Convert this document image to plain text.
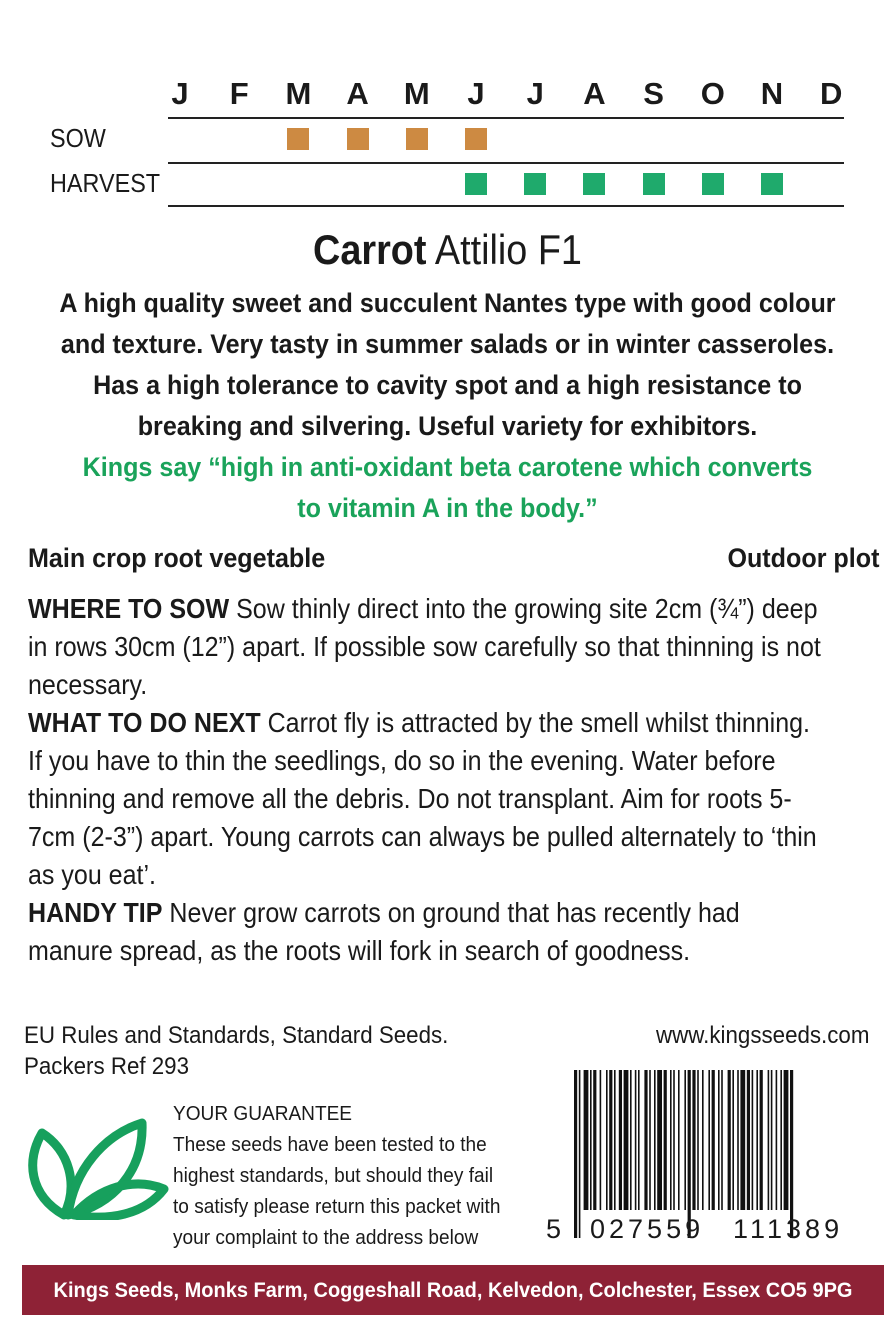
J	F	M A M	J	J	A	S	O N D
SOW
HARVEST
Carrot Attilio F1
A high quality sweet and succulent Nantes type with good colour
and texture. Very tasty in summer salads or in winter casseroles.
Has a high tolerance to cavity spot and a high resistance to
breaking and silvering. Useful variety for exhibitors.
Kings say “high in anti-oxidant beta carotene which converts
to vitamin A in the body.”
Main crop root vegetable	Outdoor plot

WHERE TO SOW Sow thinly direct into the growing site 2cm (¾”) deep in rows 30cm (12”) apart. If possible sow carefully so that thinning is not necessary.

WHAT TO DO NEXT Carrot fly is attracted by the smell whilst thinning. If you have to thin the seedlings, do so in the evening. Water before thinning and remove all the debris. Do not transplant. Aim for roots 5-7cm (2-3”) apart. Young carrots can always be pulled alternately to ‘thin as you eat’.

HANDY TIP Never grow carrots on ground that has recently had manure spread, as the roots will fork in search of goodness.

EU Rules and Standards, Standard Seeds.
Packers Ref 293
www.kingsseeds.com
YOUR GUARANTEE
These seeds have been tested to the
highest standards, but should they fail
to satisfy please return this packet with
your complaint to the address below	5 027559 111389
Kings Seeds, Monks Farm, Coggeshall Road, Kelvedon, Colchester, Essex CO5 9PG
